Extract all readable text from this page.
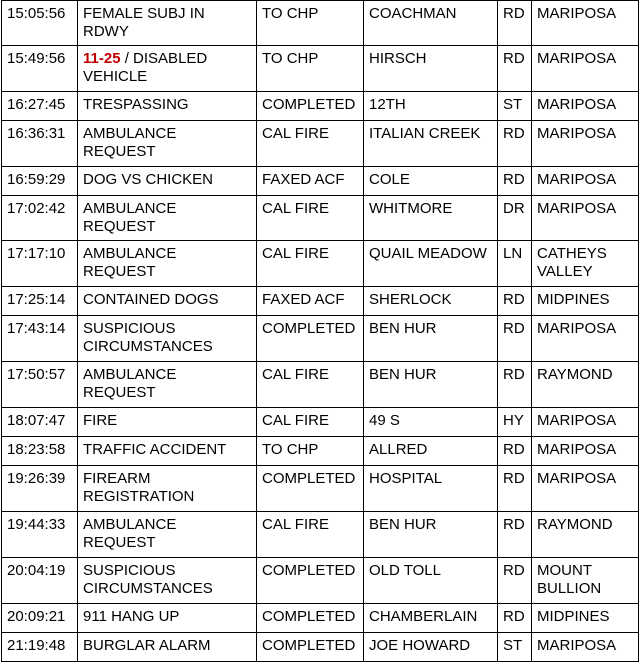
15:05:56	FEMALE SUBJ IN RDWY	TO CHP	COACHMAN	RD	MARIPOSA
15:49:56	11-25 / DISABLED VEHICLE	TO CHP	HIRSCH	RD	MARIPOSA
16:27:45	TRESPASSING	COMPLETED	12TH	ST	MARIPOSA
16:36:31	AMBULANCE REQUEST	CAL FIRE	ITALIAN CREEK	RD	MARIPOSA
16:59:29	DOG VS CHICKEN	FAXED ACF	COLE	RD	MARIPOSA
17:02:42	AMBULANCE REQUEST	CAL FIRE	WHITMORE	DR	MARIPOSA
17:17:10	AMBULANCE REQUEST	CAL FIRE	QUAIL MEADOW	LN	CATHEYS VALLEY
17:25:14	CONTAINED DOGS	FAXED ACF	SHERLOCK	RD	MIDPINES
17:43:14	SUSPICIOUS CIRCUMSTANCES	COMPLETED	BEN HUR	RD	MARIPOSA
17:50:57	AMBULANCE REQUEST	CAL FIRE	BEN HUR	RD	RAYMOND
18:07:47	FIRE	CAL FIRE	49 S	HY	MARIPOSA
18:23:58	TRAFFIC ACCIDENT	TO CHP	ALLRED	RD	MARIPOSA
19:26:39	FIREARM REGISTRATION	COMPLETED	HOSPITAL	RD	MARIPOSA
19:44:33	AMBULANCE REQUEST	CAL FIRE	BEN HUR	RD	RAYMOND
20:04:19	SUSPICIOUS CIRCUMSTANCES	COMPLETED	OLD TOLL	RD	MOUNT BULLION
20:09:21	911 HANG UP	COMPLETED	CHAMBERLAIN	RD	MIDPINES
21:19:48	BURGLAR ALARM	COMPLETED	JOE HOWARD	ST	MARIPOSA
